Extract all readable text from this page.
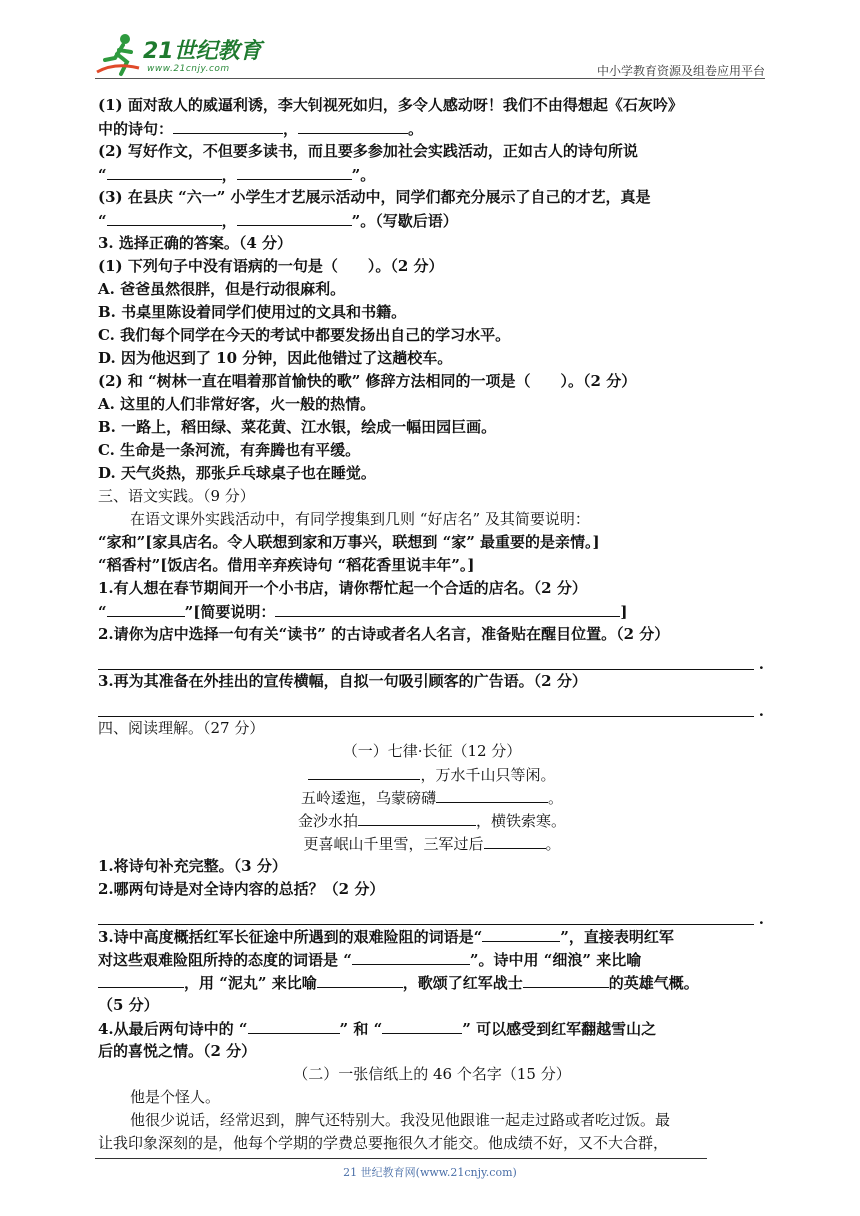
21世纪教育
www.21cnjy.com	中小学教育资源及组卷应用平台
(1) 面对敌人的威逼利诱，李大钊视死如归，多令人感动呀！我们不由得想起《石灰吟》
中的诗句：	，	。
(2) 写好作文，不但要多读书，而且要多参加社会实践活动，正如古人的诗句所说
“	，	”。
(3) 在县庆 “六一” 小学生才艺展示活动中，同学们都充分展示了自己的才艺，真是
“	，	”。（写歇后语）
3. 选择正确的答案。（4 分）
(1) 下列句子中没有语病的一句是（　　）。（2 分）
A. 爸爸虽然很胖，但是行动很麻利。
B. 书桌里陈设着同学们使用过的文具和书籍。
C. 我们每个同学在今天的考试中都要发扬出自己的学习水平。
D. 因为他迟到了 10 分钟，因此他错过了这趟校车。
(2) 和 “树林一直在唱着那首愉快的歌” 修辞方法相同的一项是（　　）。（2 分）
A. 这里的人们非常好客，火一般的热情。
B. 一路上，稻田绿、菜花黄、江水银，绘成一幅田园巨画。
C. 生命是一条河流，有奔腾也有平缓。
D. 天气炎热，那张乒乓球桌子也在睡觉。
三、语文实践。（9 分）
在语文课外实践活动中，有同学搜集到几则 “好店名” 及其简要说明：
“家和”[家具店名。令人联想到家和万事兴，联想到 “家” 最重要的是亲情。]
“稻香村”[饭店名。借用辛弃疾诗句 “稻花香里说丰年”。]
1.有人想在春节期间开一个小书店，请你帮忙起一个合适的店名。（2 分）
“	”[简要说明：	]
2.请你为店中选择一句有关“读书” 的古诗或者名人名言，准备贴在醒目位置。（2 分）
.
3.再为其准备在外挂出的宣传横幅，自拟一句吸引顾客的广告语。（2 分）
.
四、阅读理解。（27 分）
（一）七律·长征（12 分）
，万水千山只等闲。
五岭逶迤，乌蒙磅礴	。
金沙水拍	，横铁索寒。
更喜岷山千里雪，三军过后	。
1.将诗句补充完整。（3 分）
2.哪两句诗是对全诗内容的总括？（2 分）
.
3.诗中高度概括红军长征途中所遇到的艰难险阻的词语是“	”，直接表明红军
对这些艰难险阻所持的态度的词语是 “	”。诗中用 “细浪” 来比喻
，用 “泥丸” 来比喻	，歌颂了红军战士	的英雄气概。
（5 分）
4.从最后两句诗中的 “	” 和 “	” 可以感受到红军翻越雪山之
后的喜悦之情。（2 分）
（二）一张信纸上的 46 个名字（15 分）
他是个怪人。
他很少说话，经常迟到，脾气还特别大。我没见他跟谁一起走过路或者吃过饭。最
让我印象深刻的是，他每个学期的学费总要拖很久才能交。他成绩不好，又不大合群，
21 世纪教育网(www.21cnjy.com)
